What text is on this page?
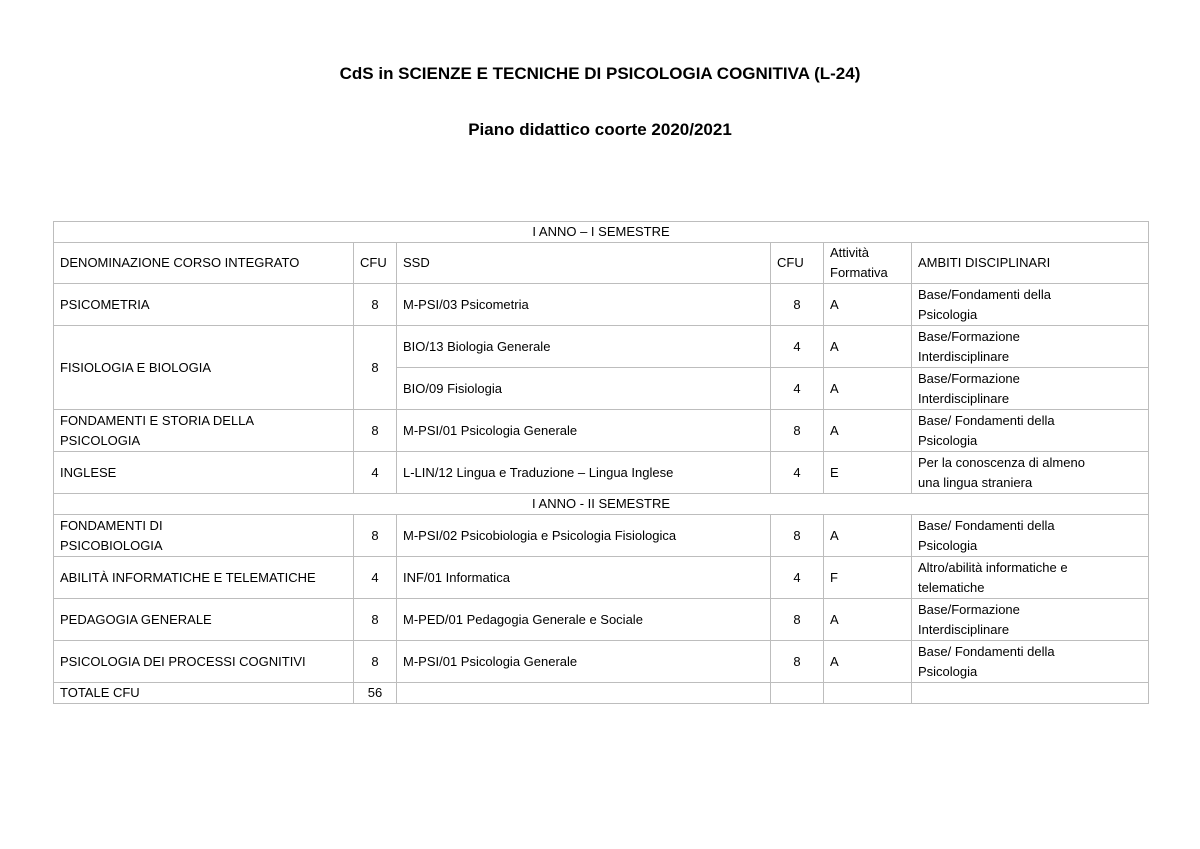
CdS in SCIENZE E TECNICHE DI PSICOLOGIA COGNITIVA (L-24)
Piano didattico coorte 2020/2021
I ANNO – I SEMESTRE					
DENOMINAZIONE CORSO INTEGRATO	CFU	SSD	CFU	Attività
Formativa	AMBITI DISCIPLINARI
PSICOMETRIA	8	M-PSI/03 Psicometria	8	A	Base/Fondamenti della
Psicologia
FISIOLOGIA E BIOLOGIA	8	BIO/13 Biologia Generale	4	A	Base/Formazione
Interdisciplinare
		BIO/09 Fisiologia	4	A	Base/Formazione
Interdisciplinare
FONDAMENTI E STORIA DELLA
PSICOLOGIA	8	M-PSI/01 Psicologia Generale	8	A	Base/ Fondamenti della
Psicologia
INGLESE	4	L-LIN/12 Lingua e Traduzione – Lingua Inglese	4	E	Per la conoscenza di almeno
una lingua straniera
I ANNO - II SEMESTRE					
FONDAMENTI DI
PSICOBIOLOGIA	8	M-PSI/02 Psicobiologia e Psicologia Fisiologica	8	A	Base/ Fondamenti della
Psicologia
ABILITÀ INFORMATICHE E TELEMATICHE	4	INF/01 Informatica	4	F	Altro/abilità informatiche e
telematiche
PEDAGOGIA GENERALE	8	M-PED/01 Pedagogia Generale e Sociale	8	A	Base/Formazione
Interdisciplinare
PSICOLOGIA DEI PROCESSI COGNITIVI	8	M-PSI/01 Psicologia Generale	8	A	Base/ Fondamenti della
Psicologia
TOTALE CFU	56				
